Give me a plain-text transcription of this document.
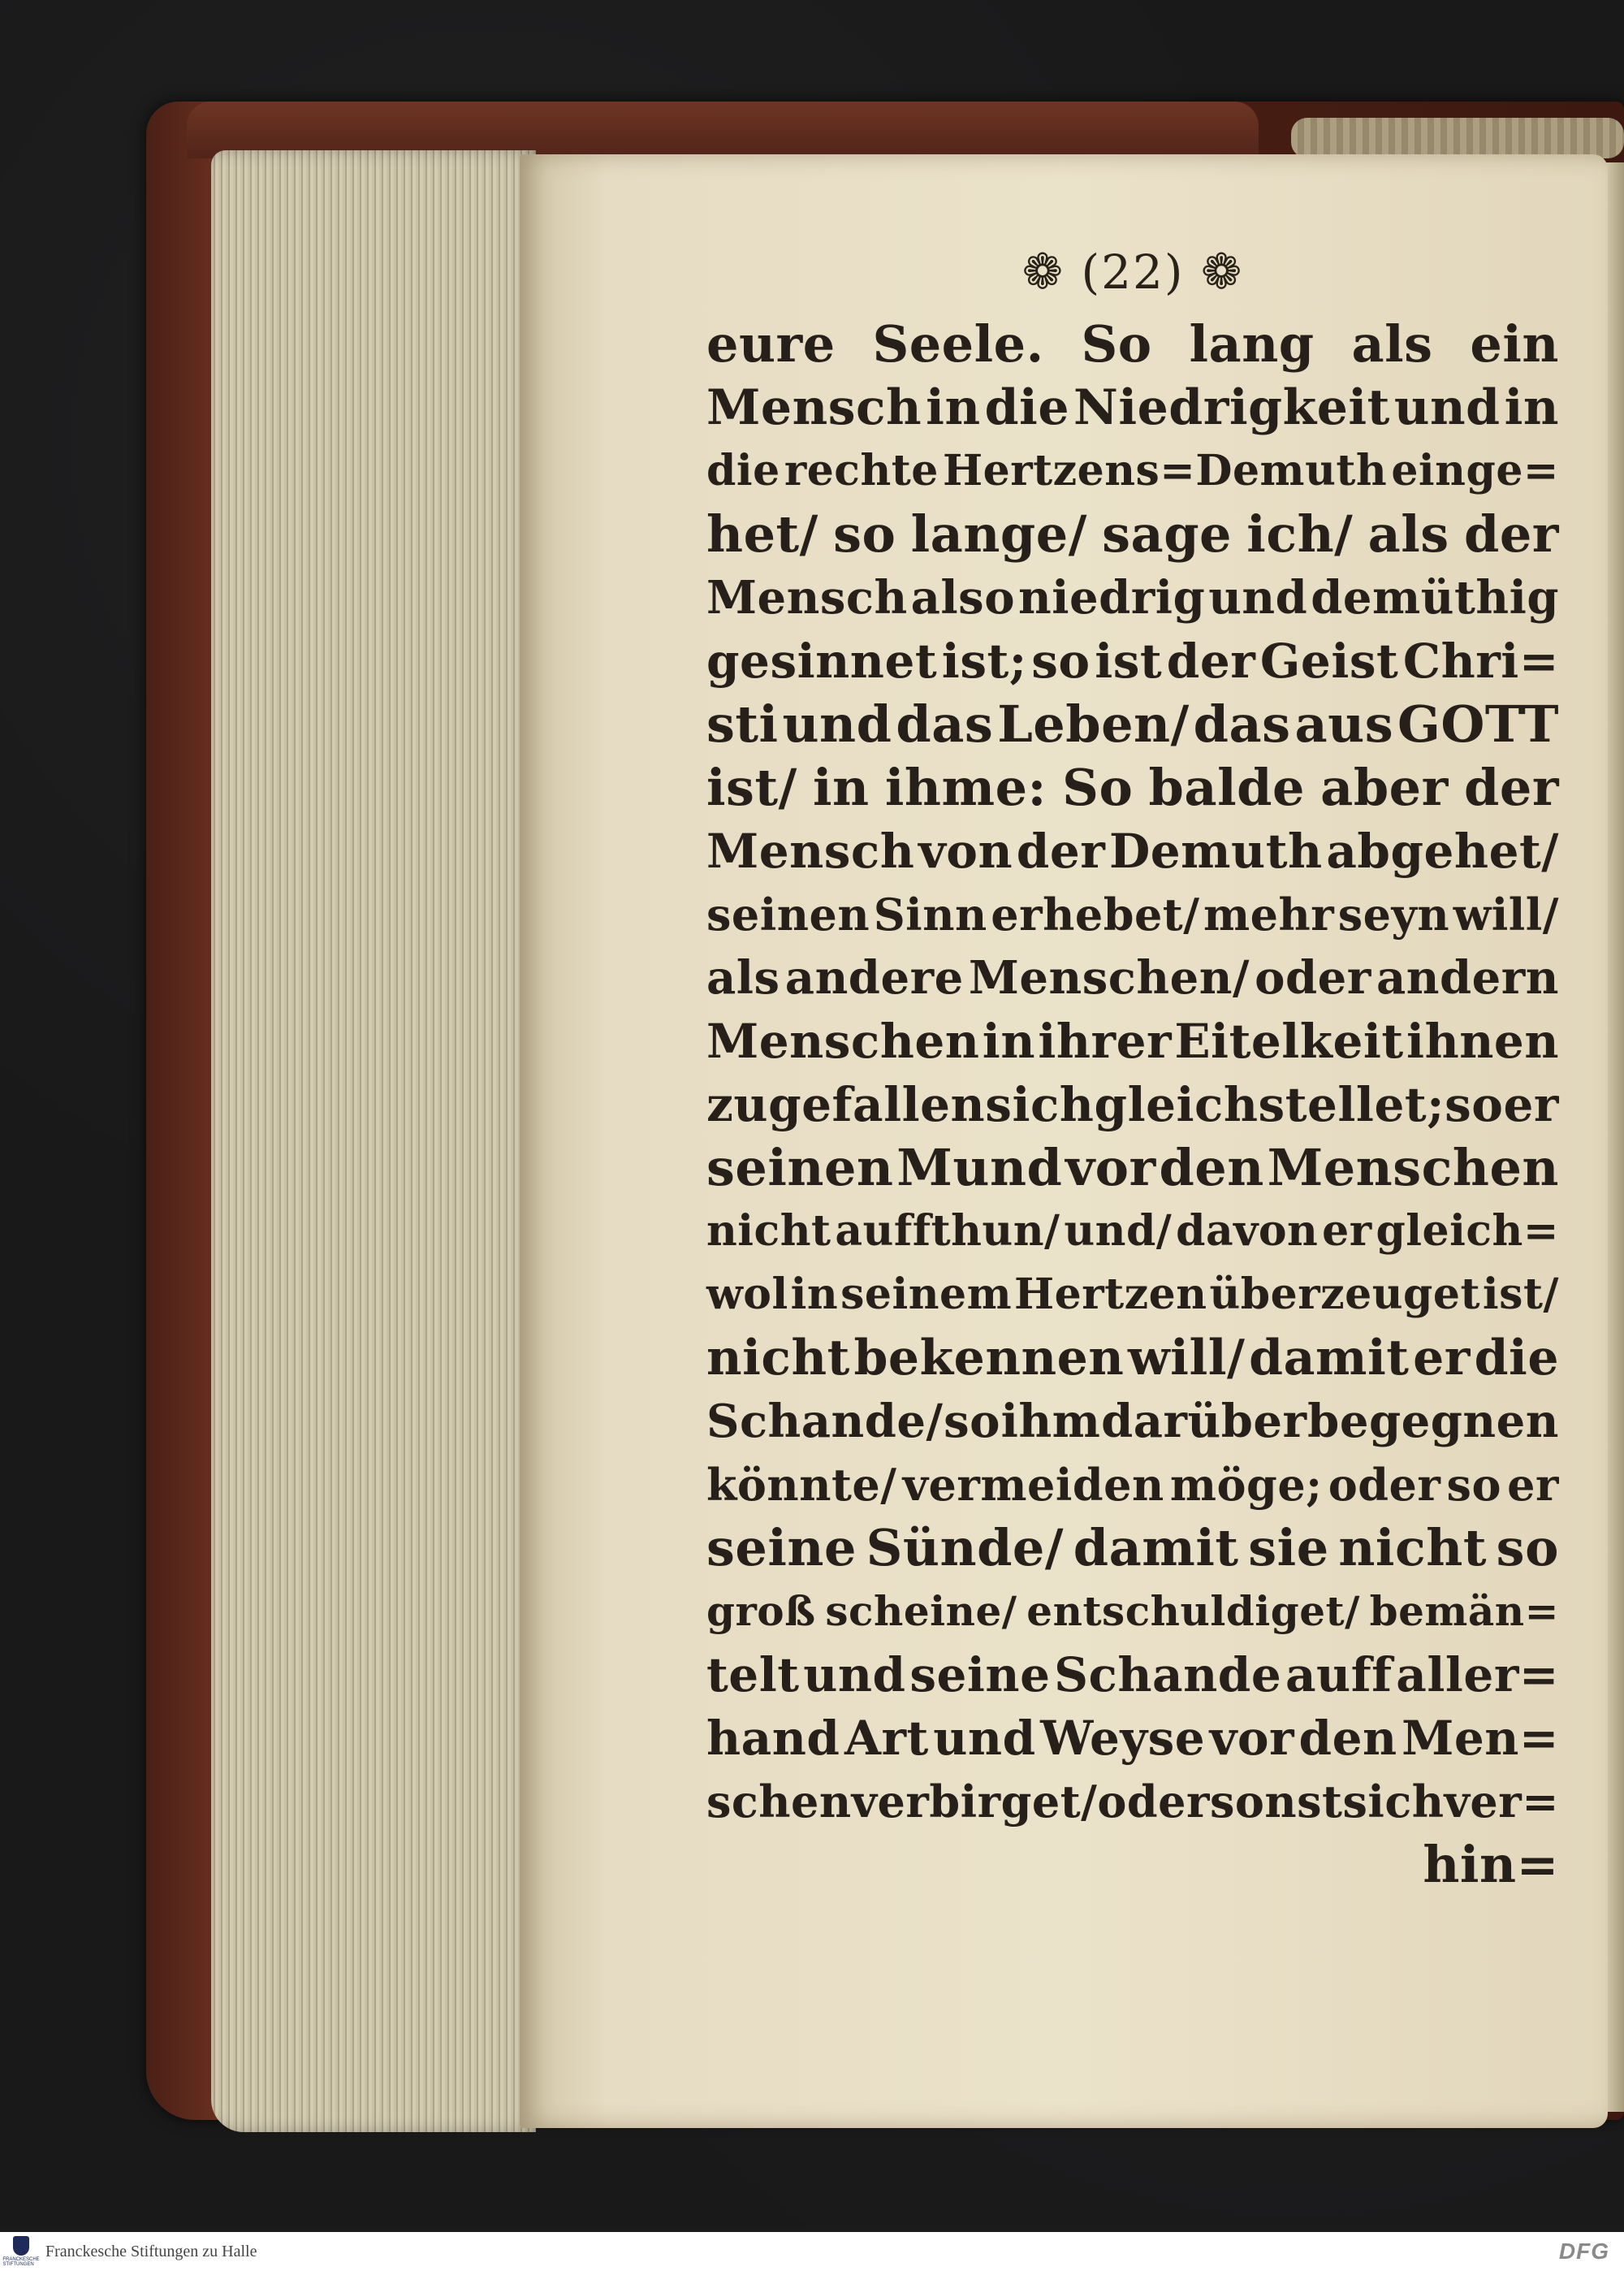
❁ (22) ❁
eure Seele. So lang als ein
Mensch in die Niedrigkeit und in
die rechte Hertzens=Demuth einge=
het/ so lange/ sage ich/ als der
Mensch also niedrig und demüthig
gesinnet ist; so ist der Geist Chri=
sti und das Leben/ das aus GOTT
ist/ in ihme: So balde aber der
Mensch von der Demuth abgehet/
seinen Sinn erhebet/ mehr seyn will/
als andere Menschen/ oder andern
Menschen in ihrer Eitelkeit ihnen
zugefallen sich gleichstellet; so er
seinen Mund vor den Menschen
nicht auffthun/ und/ davon er gleich=
wol in seinem Hertzen überzeuget ist/
nicht bekennen will/ damit er die
Schande/ so ihm darüber begegnen
könnte/ vermeiden möge; oder so er
seine Sünde/ damit sie nicht so
groß scheine/ entschuldiget/ bemän=
telt und seine Schande auff aller=
hand Art und Weyse vor den Men=
schen verbirget/ oder sonst sich ver=
hin=
FRANCKESCHE STIFTUNGEN
Franckesche Stiftungen zu Halle	DFG
